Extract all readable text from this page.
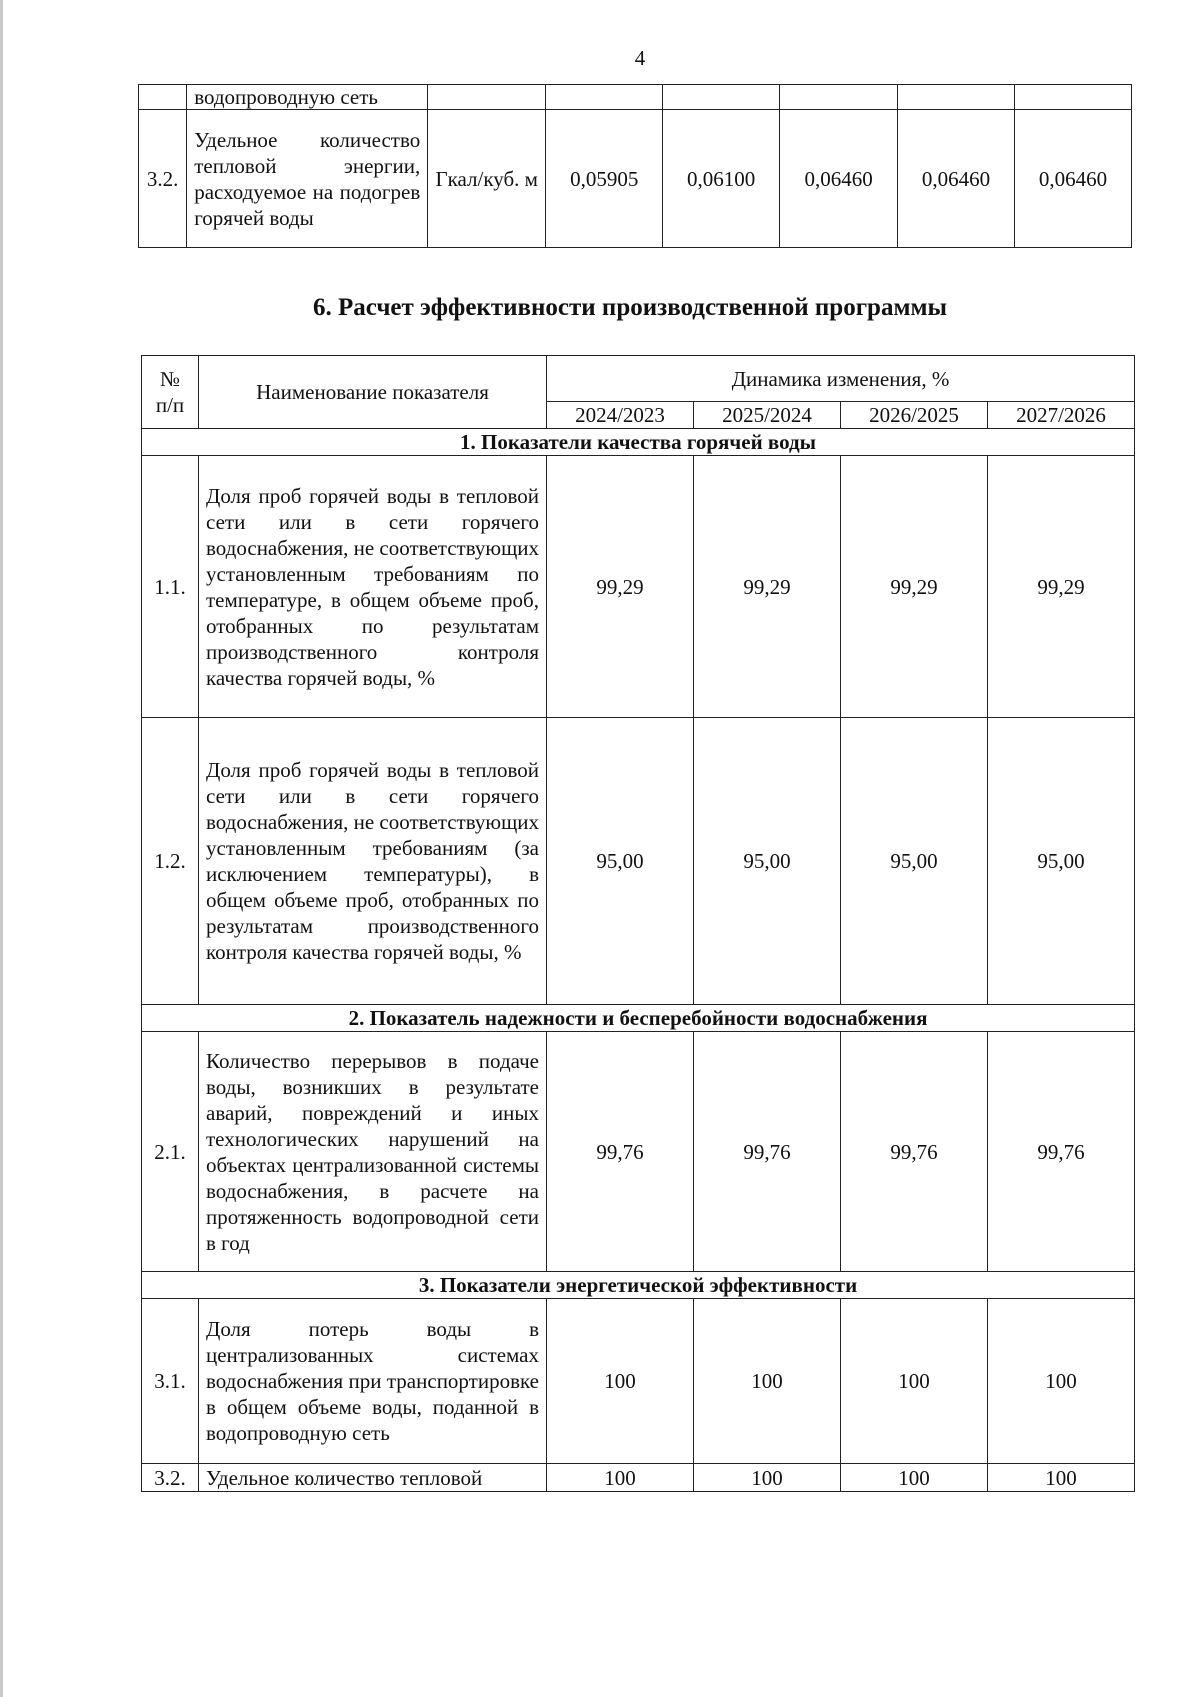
4
	водопроводную сеть						
3.2.	Удельное количество тепловой энергии, расходуемое на подогрев горячей воды	Гкал/куб. м	0,05905	0,06100	0,06460	0,06460	0,06460
6. Расчет эффективности производственной программы
№ п/п	Наименование показателя	Динамика изменения, %			
		2024/2023	2025/2024	2026/2025	2027/2026
1. Показатели качества горячей воды					
1.1.	Доля проб горячей воды в тепловой сети или в сети горячего водоснабжения, не соответствующих установленным требованиям по температуре, в общем объеме проб, отобранных по результатам производственного контроля качества горячей воды, %	99,29	99,29	99,29	99,29
1.2.	Доля проб горячей воды в тепловой сети или в сети горячего водоснабжения, не соответствующих установленным требованиям (за исключением температуры), в общем объеме проб, отобранных по результатам производственного контроля качества горячей воды, %	95,00	95,00	95,00	95,00
2. Показатель надежности и бесперебойности водоснабжения					
2.1.	Количество перерывов в подаче воды, возникших в результате аварий, повреждений и иных технологических нарушений на объектах централизованной системы водоснабжения, в расчете на протяженность водопроводной сети в год	99,76	99,76	99,76	99,76
3. Показатели энергетической эффективности					
3.1.	Доля потерь воды в централизованных системах водоснабжения при транспортировке в общем объеме воды, поданной в водопроводную сеть	100	100	100	100
3.2.	Удельное количество тепловой	100	100	100	100
